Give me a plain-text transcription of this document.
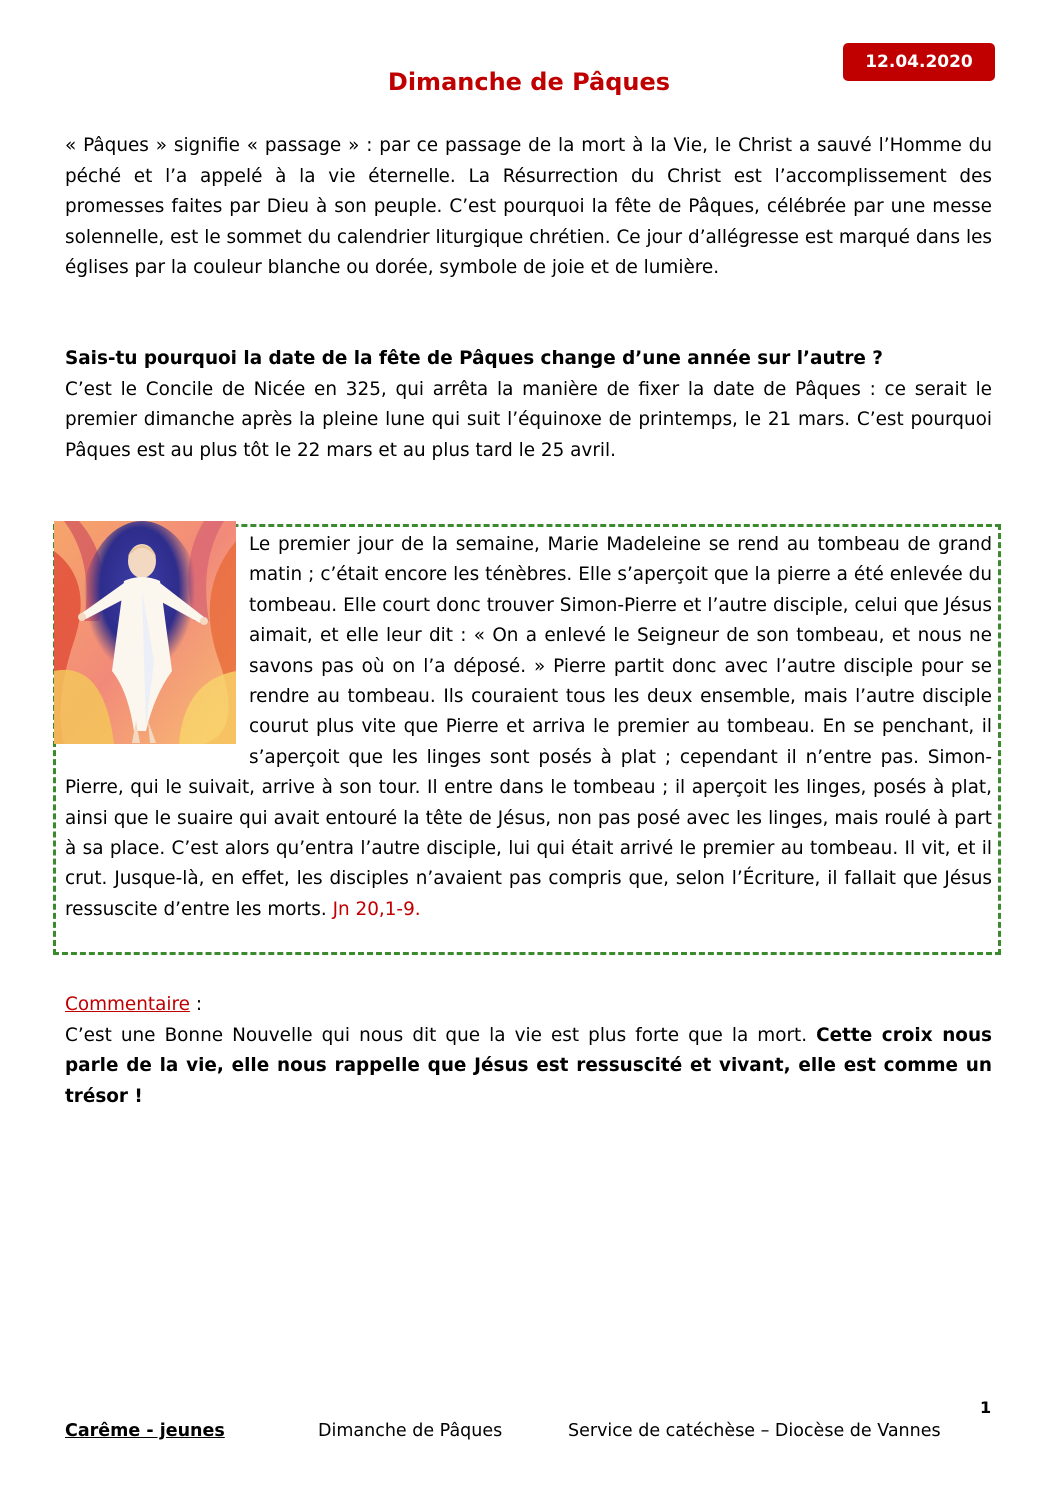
12.04.2020
Dimanche de Pâques

« Pâques » signifie « passage » : par ce passage de la mort à la Vie, le Christ a sauvé l’Homme du péché et l’a appelé à la vie éternelle. La Résurrection du Christ est l’accomplissement des promesses faites par Dieu à son peuple. C’est pourquoi la fête de Pâques, célébrée par une messe solennelle, est le sommet du calendrier liturgique chrétien. Ce jour d’allégresse est marqué dans les églises par la couleur blanche ou dorée, symbole de joie et de lumière.

Sais-tu pourquoi la date de la fête de Pâques change d’une année sur l’autre ?
C’est le Concile de Nicée en 325, qui arrêta la manière de fixer la date de Pâques : ce serait le premier dimanche après la pleine lune qui suit l’équinoxe de printemps, le 21 mars. C’est pourquoi Pâques est au plus tôt le 22 mars et au plus tard le 25 avril.
Le premier jour de la semaine, Marie Madeleine se rend au tombeau de grand matin ; c’était encore les ténèbres. Elle s’aperçoit que la pierre a été enlevée du tombeau. Elle court donc trouver Simon-Pierre et l’autre disciple, celui que Jésus aimait, et elle leur dit : « On a enlevé le Seigneur de son tombeau, et nous ne savons pas où on l’a déposé. » Pierre partit donc avec l’autre disciple pour se rendre au tombeau. Ils couraient tous les deux ensemble, mais l’autre disciple courut plus vite que Pierre et arriva le premier au tombeau. En se penchant, il s’aperçoit que les linges sont posés à plat ; cependant il n’entre pas. Simon-Pierre, qui le suivait, arrive à son tour. Il entre dans le tombeau ; il aperçoit les linges, posés à plat, ainsi que le suaire qui avait entouré la tête de Jésus, non pas posé avec les linges, mais roulé à part à sa place. C’est alors qu’entra l’autre disciple, lui qui était arrivé le premier au tombeau. Il vit, et il crut. Jusque-là, en effet, les disciples n’avaient pas compris que, selon l’Écriture, il fallait que Jésus ressuscite d’entre les morts. Jn 20,1-9.
Commentaire :
C’est une Bonne Nouvelle qui nous dit que la vie est plus forte que la mort. Cette croix nous parle de la vie, elle nous rappelle que Jésus est ressuscité et vivant, elle est comme un trésor !
1
Carême - jeunes	Dimanche de Pâques	Service de catéchèse – Diocèse de Vannes
